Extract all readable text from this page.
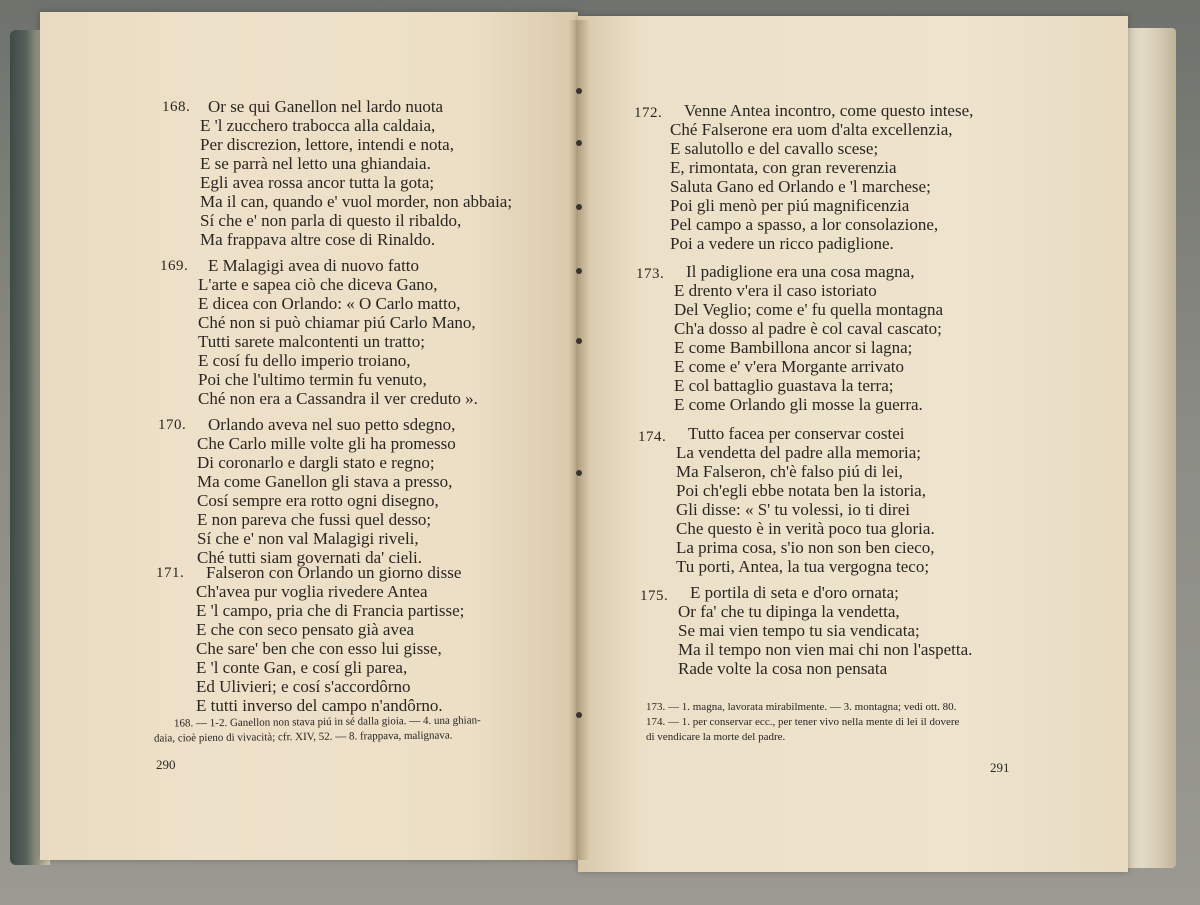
168. Or se qui Ganellon nel lardo nuota
E 'l zucchero trabocca alla caldaia,
Per discrezion, lettore, intendi e nota,
E se parrà nel letto una ghiandaia.
Egli avea rossa ancor tutta la gota;
Ma il can, quando e' vuol morder, non abbaia;
Sí che e' non parla di questo il ribaldo,
Ma frappava altre cose di Rinaldo.
169. E Malagigi avea di nuovo fatto
L'arte e sapea ciò che diceva Gano,
E dicea con Orlando: « O Carlo matto,
Ché non si può chiamar piú Carlo Mano,
Tutti sarete malcontenti un tratto;
E cosí fu dello imperio troiano,
Poi che l'ultimo termin fu venuto,
Ché non era a Cassandra il ver creduto ».
170. Orlando aveva nel suo petto sdegno,
Che Carlo mille volte gli ha promesso
Di coronarlo e dargli stato e regno;
Ma come Ganellon gli stava a presso,
Cosí sempre era rotto ogni disegno,
E non pareva che fussi quel desso;
Sí che e' non val Malagigi riveli,
Ché tutti siam governati da' cieli.
171. Falseron con Orlando un giorno disse
Ch'avea pur voglia rivedere Antea
E 'l campo, pria che di Francia partisse;
E che con seco pensato già avea
Che sare' ben che con esso lui gisse,
E 'l conte Gan, e cosí gli parea,
Ed Ulivieri; e cosí s'accordôrno
E tutti inverso del campo n'andôrno.
168. — 1-2. Ganellon non stava piú in sé dalla gioia. — 4. una ghian-
daia, cioè pieno di vivacità; cfr. XIV, 52. — 8. frappava, malignava.
290
172. Venne Antea incontro, come questo intese,
Ché Falserone era uom d'alta excellenzia,
E salutollo e del cavallo scese;
E, rimontata, con gran reverenzia
Saluta Gano ed Orlando e 'l marchese;
Poi gli menò per piú magnificenzia
Pel campo a spasso, a lor consolazione,
Poi a vedere un ricco padiglione.
173. Il padiglione era una cosa magna,
E drento v'era il caso istoriato
Del Veglio; come e' fu quella montagna
Ch'a dosso al padre è col caval cascato;
E come Bambillona ancor si lagna;
E come e' v'era Morgante arrivato
E col battaglio guastava la terra;
E come Orlando gli mosse la guerra.
174. Tutto facea per conservar costei
La vendetta del padre alla memoria;
Ma Falseron, ch'è falso piú di lei,
Poi ch'egli ebbe notata ben la istoria,
Gli disse: « S' tu volessi, io ti direi
Che questo è in verità poco tua gloria.
La prima cosa, s'io non son ben cieco,
Tu porti, Antea, la tua vergogna teco;
175. E portila di seta e d'oro ornata;
Or fa' che tu dipinga la vendetta,
Se mai vien tempo tu sia vendicata;
Ma il tempo non vien mai chi non l'aspetta.
Rade volte la cosa non pensata
173. — 1. magna, lavorata mirabilmente. — 3. montagna; vedi ott. 80.
174. — 1. per conservar ecc., per tener vivo nella mente di lei il dovere
di vendicare la morte del padre.
291
